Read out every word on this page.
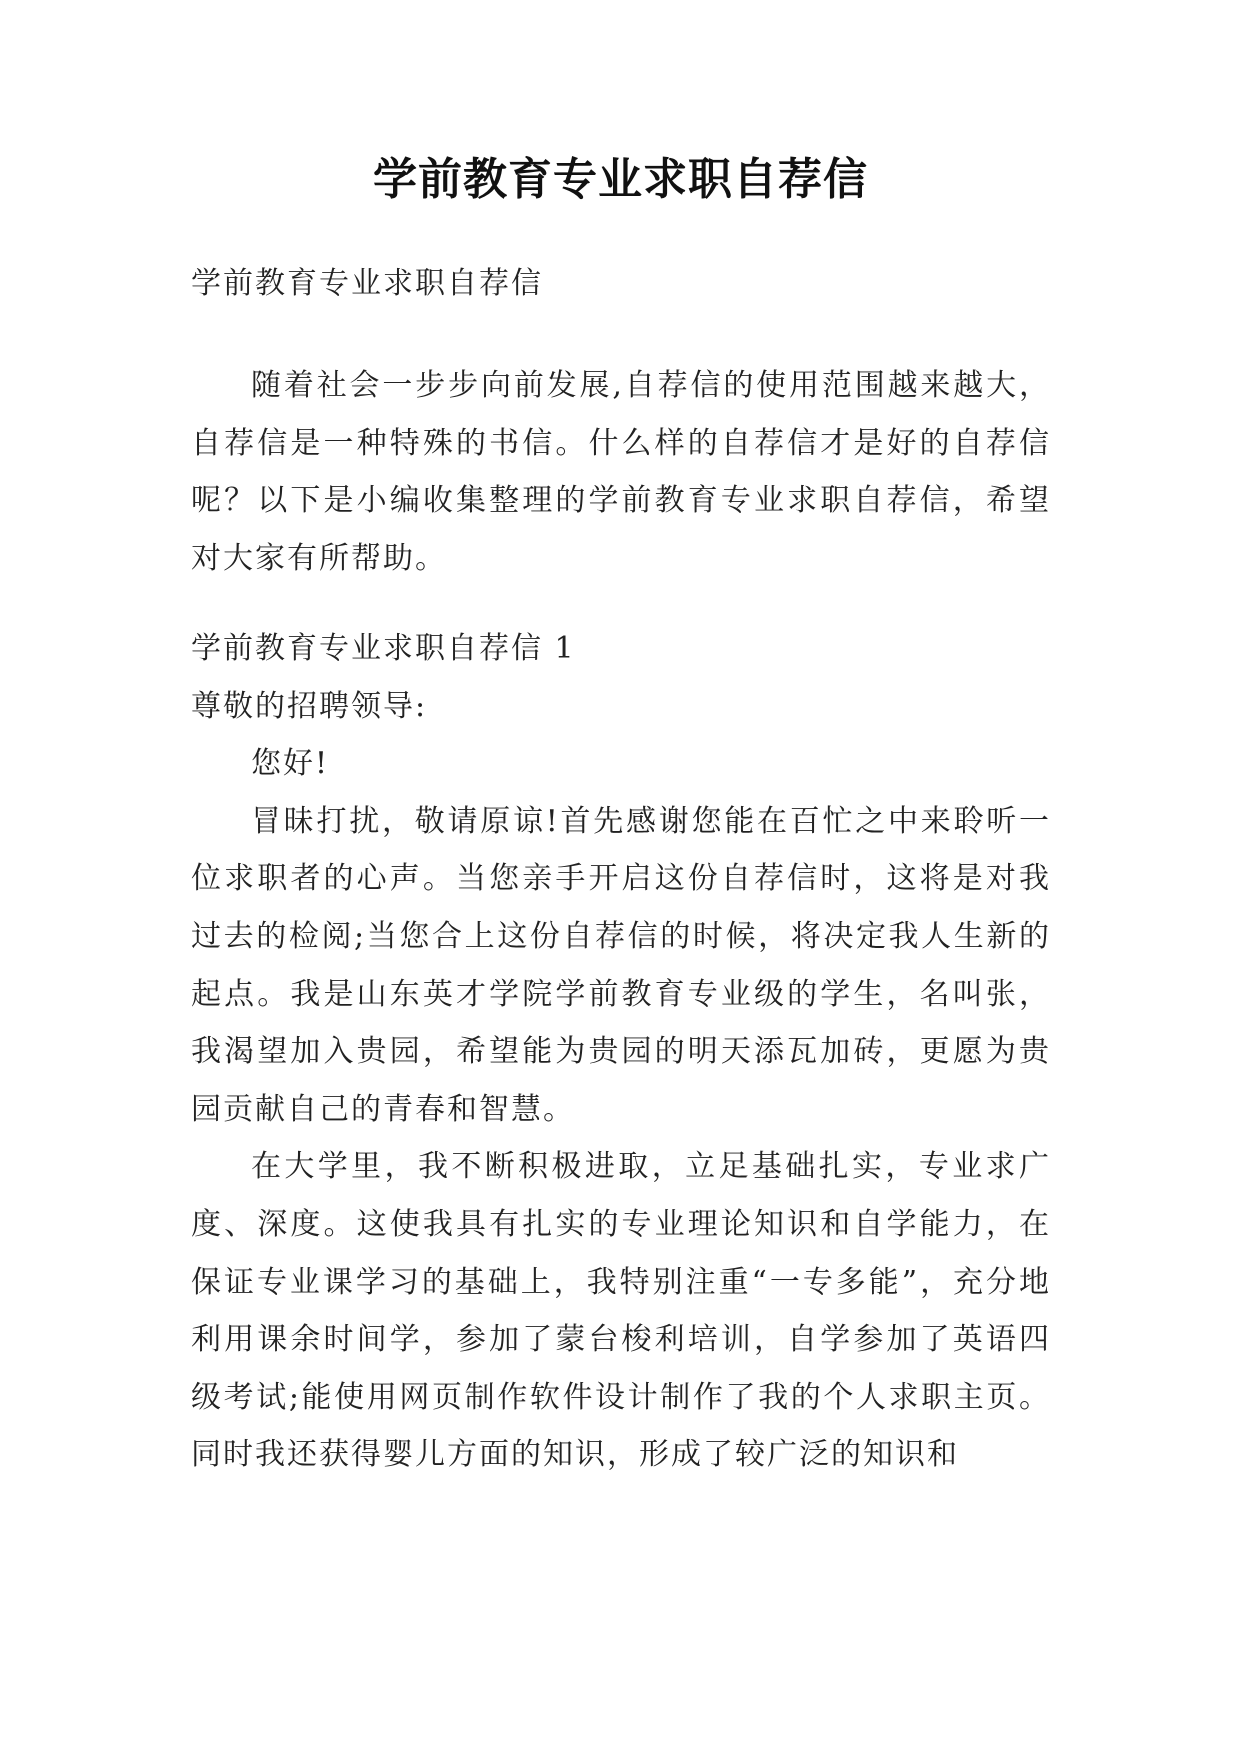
学前教育专业求职自荐信

学前教育专业求职自荐信

随着社会一步步向前发展,自荐信的使用范围越来越大，自荐信是一种特殊的书信。什么样的自荐信才是好的自荐信呢？以下是小编收集整理的学前教育专业求职自荐信，希望对大家有所帮助。

学前教育专业求职自荐信 1

尊敬的招聘领导:

您好!

冒昧打扰，敬请原谅!首先感谢您能在百忙之中来聆听一位求职者的心声。当您亲手开启这份自荐信时，这将是对我过去的检阅;当您合上这份自荐信的时候，将决定我人生新的起点。我是山东英才学院学前教育专业级的学生，名叫张，我渴望加入贵园，希望能为贵园的明天添瓦加砖，更愿为贵园贡献自己的青春和智慧。

在大学里，我不断积极进取，立足基础扎实，专业求广度、深度。这使我具有扎实的专业理论知识和自学能力，在保证专业课学习的基础上，我特别注重“一专多能”，充分地利用课余时间学，参加了蒙台梭利培训，自学参加了英语四级考试;能使用网页制作软件设计制作了我的个人求职主页。同时我还获得婴儿方面的知识，形成了较广泛的知识和
